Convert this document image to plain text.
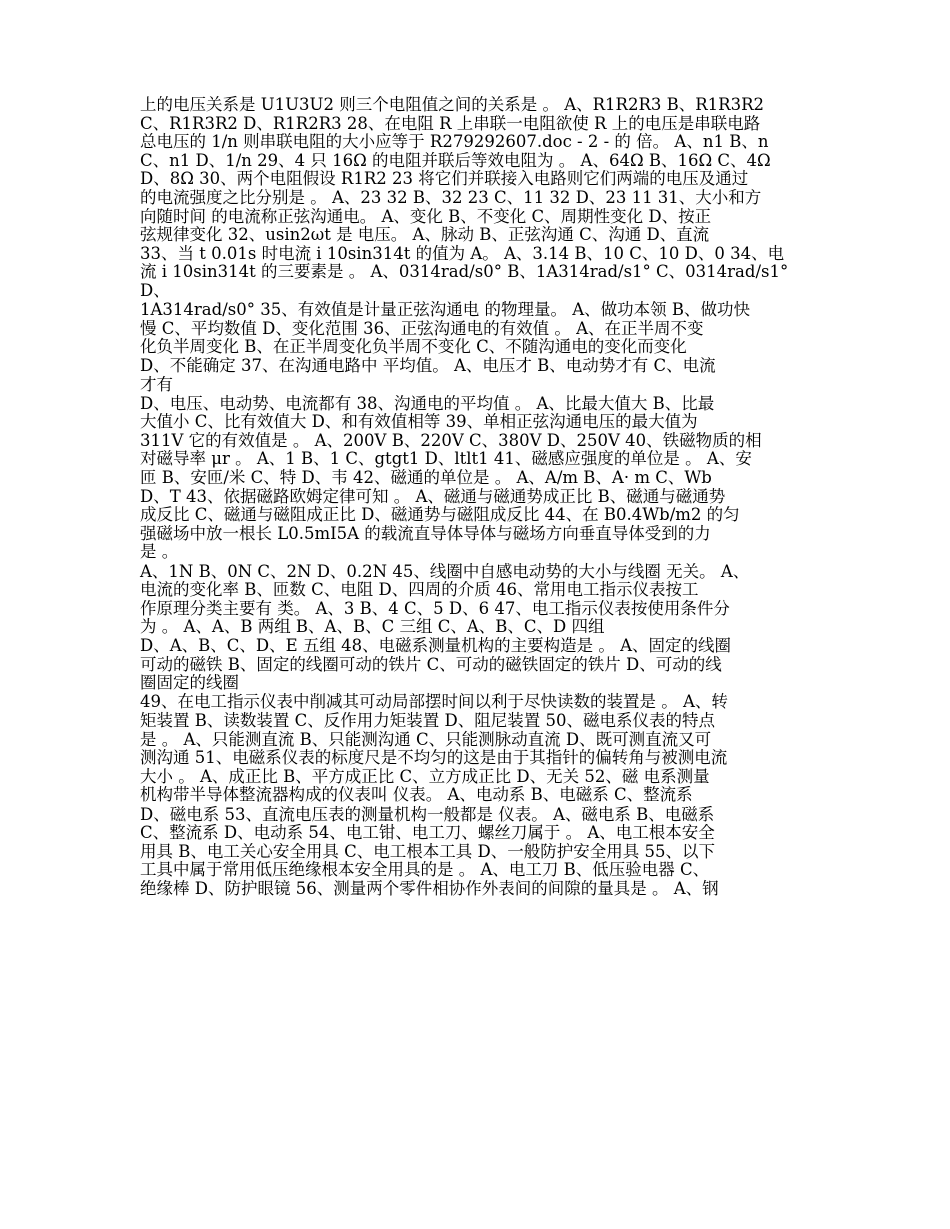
上的电压关系是 U1U3U2 则三个电阻值之间的关系是 。 A、R1R2R3 B、R1R3R2
C、R1R3R2 D、R1R2R3 28、在电阻 R 上串联一电阻欲使 R 上的电压是串联电路
总电压的 1/n 则串联电阻的大小应等于 R279292607.doc - 2 - 的 倍。 A、n1 B、n
C、n1 D、1/n 29、4 只 16Ω 的电阻并联后等效电阻为 。 A、64Ω B、16Ω C、4Ω
D、8Ω 30、两个电阻假设 R1R2 23 将它们并联接入电路则它们两端的电压及通过
的电流强度之比分别是 。 A、23 32 B、32 23 C、11 32 D、23 11 31、大小和方
向随时间 的电流称正弦沟通电。 A、变化 B、不变化 C、周期性变化 D、按正
弦规律变化 32、usin2ωt 是 电压。 A、脉动 B、正弦沟通 C、沟通 D、直流
33、当 t 0.01s 时电流 i 10sin314t 的值为 A。 A、3.14 B、10 C、10 D、0 34、电
流 i 10sin314t 的三要素是 。 A、0314rad/s0° B、1A314rad/s1° C、0314rad/s1°
D、
1A314rad/s0° 35、有效值是计量正弦沟通电 的物理量。 A、做功本领 B、做功快
慢 C、平均数值 D、变化范围 36、正弦沟通电的有效值 。 A、在正半周不变
化负半周变化 B、在正半周变化负半周不变化 C、不随沟通电的变化而变化
D、不能确定 37、在沟通电路中 平均值。 A、电压才 B、电动势才有 C、电流
才有
D、电压、电动势、电流都有 38、沟通电的平均值 。 A、比最大值大 B、比最
大值小 C、比有效值大 D、和有效值相等 39、单相正弦沟通电压的最大值为
311V 它的有效值是 。 A、200V B、220V C、380V D、250V 40、铁磁物质的相
对磁导率 μr 。 A、1 B、1 C、gtgt1 D、ltlt1 41、磁感应强度的单位是 。 A、安
匝 B、安匝/米 C、特 D、韦 42、磁通的单位是 。 A、A/m B、A· m C、Wb
D、T 43、依据磁路欧姆定律可知 。 A、磁通与磁通势成正比 B、磁通与磁通势
成反比 C、磁通与磁阻成正比 D、磁通势与磁阻成反比 44、在 B0.4Wb/m2 的匀
强磁场中放一根长 L0.5mI5A 的载流直导体导体与磁场方向垂直导体受到的力
是 。
A、1N B、0N C、2N D、0.2N 45、线圈中自感电动势的大小与线圈 无关。 A、
电流的变化率 B、匝数 C、电阻 D、四周的介质 46、常用电工指示仪表按工
作原理分类主要有 类。 A、3 B、4 C、5 D、6 47、电工指示仪表按使用条件分
为 。 A、A、B 两组 B、A、B、C 三组 C、A、B、C、D 四组
D、A、B、C、D、E 五组 48、电磁系测量机构的主要构造是 。 A、固定的线圈
可动的磁铁 B、固定的线圈可动的铁片 C、可动的磁铁固定的铁片 D、可动的线
圈固定的线圈
49、在电工指示仪表中削减其可动局部摆时间以利于尽快读数的装置是 。 A、转
矩装置 B、读数装置 C、反作用力矩装置 D、阻尼装置 50、磁电系仪表的特点
是 。 A、只能测直流 B、只能测沟通 C、只能测脉动直流 D、既可测直流又可
测沟通 51、电磁系仪表的标度尺是不均匀的这是由于其指针的偏转角与被测电流
大小 。 A、成正比 B、平方成正比 C、立方成正比 D、无关 52、磁 电系测量
机构带半导体整流器构成的仪表叫 仪表。 A、电动系 B、电磁系 C、整流系
D、磁电系 53、直流电压表的测量机构一般都是 仪表。 A、磁电系 B、电磁系
C、整流系 D、电动系 54、电工钳、电工刀、螺丝刀属于 。 A、电工根本安全
用具 B、电工关心安全用具 C、电工根本工具 D、一般防护安全用具 55、以下
工具中属于常用低压绝缘根本安全用具的是 。 A、电工刀 B、低压验电器 C、
绝缘棒 D、防护眼镜 56、测量两个零件相协作外表间的间隙的量具是 。 A、钢
